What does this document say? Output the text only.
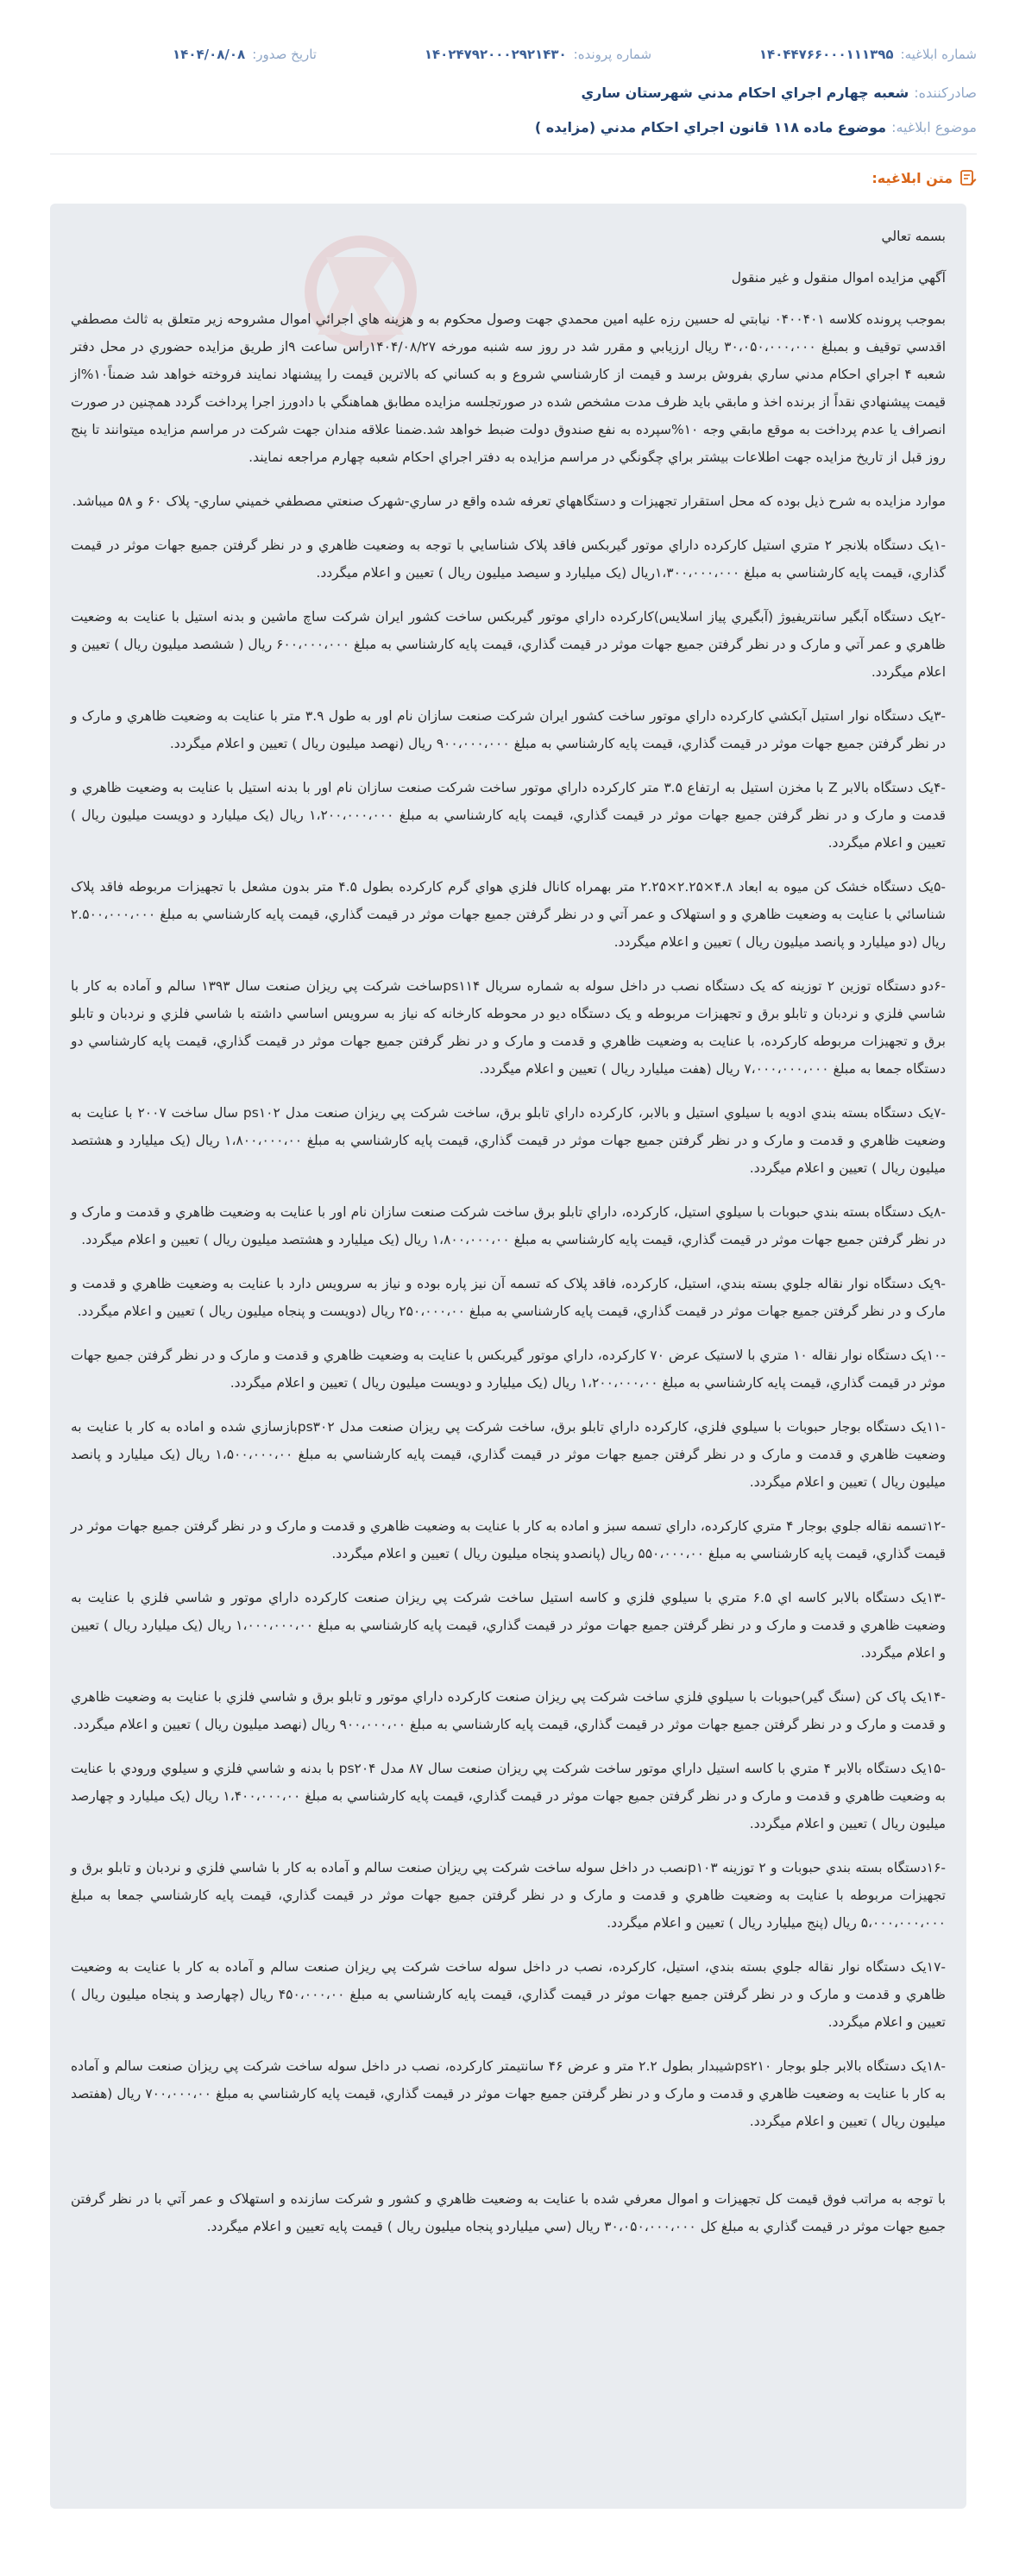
شماره ابلاغيه:
۱۴۰۴۴۷۶۶۰۰۰۱۱۱۳۹۵
شماره پرونده:
۱۴۰۲۴۷۹۲۰۰۰۲۹۲۱۴۳۰
تاريخ صدور:
۱۴۰۴/۰۸/۰۸
صادرکننده:
شعبه چهارم اجراي احکام مدني شهرستان ساري
موضوع ابلاغيه:
موضوع ماده ۱۱۸ قانون اجراي احکام مدني (مزايده )
متن ابلاغيه:

بسمه تعالي

آگهي مزايده اموال منقول و غير منقول

بموجب پرونده کلاسه ۰۴۰۰۴۰۱ نيابتي له حسين رزه عليه امين محمدي جهت وصول محکوم‌ به و هزينه هاي اجرائي اموال مشروحه زير متعلق به ثالث مصطفي اقدسي توقيف و بمبلغ ۳۰،۰۵۰،۰۰۰،۰۰۰ ريال ارزيابي و مقرر شد در روز سه شنبه مورخه ۱۴۰۴/۰۸/۲۷راس ساعت ۹از طريق مزايده حضوري در محل دفتر شعبه ۴ اجراي احکام مدني ساري بفروش برسد و قيمت از کارشناسي شروع و به کساني که بالاترين قيمت را پيشنهاد نمايند فروخته خواهد شد ضمناً۱۰%از قيمت پيشنهادي نقداً از برنده اخذ و مابقي بايد ظرف مدت مشخص شده در صورتجلسه مزايده مطابق هماهنگي با دادورز اجرا پرداخت گردد همچنين در صورت انصراف يا عدم پرداخت به موقع مابقي وجه ۱۰%سپرده به نفع صندوق دولت ضبط خواهد شد.ضمنا علاقه مندان جهت شرکت در مراسم مزايده ميتوانند تا پنج روز قبل از تاريخ مزايده جهت اطلاعات بيشتر براي چگونگي در مراسم مزايده به دفتر اجراي احکام شعبه چهارم مراجعه نمايند.

موارد مزايده به شرح ذيل بوده که محل استقرار تجهيزات و دستگاههاي تعرفه شده واقع در ساري-شهرک صنعتي مصطفي خميني ساري- پلاک ۶۰ و ۵۸ ميباشد.

-۱يک دستگاه بلانجر ۲ متري استيل کارکرده داراي موتور گيربکس فاقد پلاک شناسايي با توجه به وضعيت ظاهري و در نظر گرفتن جميع جهات موثر در قيمت گذاري، قيمت پايه کارشناسي به مبلغ ۱،۳۰۰،۰۰۰،۰۰۰ريال (يک ميليارد و سيصد ميليون ريال ) تعيين و اعلام ميگردد.

-۲يک دستگاه آبگير سانتريفيوژ (آبگيري پياز اسلايس)کارکرده داراي موتور گيربکس ساخت کشور ايران شرکت ساچ ماشين و بدنه استيل با عنايت به وضعيت ظاهري و عمر آتي و مارک و در نظر گرفتن جميع جهات موثر در قيمت گذاري، قيمت پايه کارشناسي به مبلغ ۶۰۰،۰۰۰،۰۰۰ ريال ( ششصد ميليون ريال ) تعيين و اعلام ميگردد.

-۳يک دستگاه نوار استيل آبکشي کارکرده داراي موتور ساخت کشور ايران شرکت صنعت سازان نام اور به طول ۳.۹ متر با عنايت به وضعيت ظاهري و مارک و در نظر گرفتن جميع جهات موثر در قيمت گذاري، قيمت پايه کارشناسي به مبلغ ۹۰۰،۰۰۰،۰۰۰ ريال (نهصد ميليون ريال ) تعيين و اعلام ميگردد.

-۴يک دستگاه بالابر Z با مخزن استيل به ارتفاع ۳.۵ متر کارکرده داراي موتور ساخت شرکت صنعت سازان نام اور با بدنه استيل با عنايت به وضعيت ظاهري و قدمت و مارک و در نظر گرفتن جميع جهات موثر در قيمت گذاري، قيمت پايه کارشناسي به مبلغ ۱،۲۰۰،۰۰۰،۰۰۰ ريال (يک ميليارد و دويست ميليون ريال ) تعيين و اعلام ميگردد.

-۵يک دستگاه خشک کن ميوه به ابعاد ۴.۸×۲.۲۵×۲.۲۵ متر بهمراه کانال فلزي هواي گرم کارکرده بطول ۴.۵ متر بدون مشعل با تجهيزات مربوطه فاقد پلاک شناسائي با عنايت به وضعيت ظاهري و و استهلاک و عمر آتي و در نظر گرفتن جميع جهات موثر در قيمت گذاري، قيمت پايه کارشناسي به مبلغ ۲.۵۰۰،۰۰۰،۰۰۰ ريال (دو ميليارد و پانصد ميليون ريال ) تعيين و اعلام ميگردد.

-۶دو دستگاه توزين ۲ توزينه که يک دستگاه نصب در داخل سوله به شماره سريال ps۱۱۴ساخت شرکت پي ريزان صنعت سال ۱۳۹۳ سالم و آماده به کار با شاسي فلزي و نردبان و تابلو برق و تجهيزات مربوطه و يک دستگاه ديو در محوطه کارخانه که نياز به سرويس اساسي داشته با شاسي فلزي و نردبان و تابلو برق و تجهيزات مربوطه کارکرده، با عنايت به وضعيت ظاهري و قدمت و مارک و در نظر گرفتن جميع جهات موثر در قيمت گذاري، قيمت پايه کارشناسي دو دستگاه جمعا به مبلغ ۷،۰۰۰،۰۰۰،۰۰۰ ريال (هفت ميليارد ريال ) تعيين و اعلام ميگردد.

-۷يک دستگاه بسته بندي ادويه با سيلوي استيل و بالابر، کارکرده داراي تابلو برق، ساخت شرکت پي ريزان صنعت مدل ps۱۰۲ سال ساخت ۲۰۰۷ با عنايت به وضعيت ظاهري و قدمت و مارک و در نظر گرفتن جميع جهات موثر در قيمت گذاري، قيمت پايه کارشناسي به مبلغ ۱،۸۰۰،۰۰۰،۰۰ ريال (يک ميليارد و هشتصد ميليون ريال ) تعيين و اعلام ميگردد.

-۸يک دستگاه بسته بندي حبوبات با سيلوي استيل، کارکرده، داراي تابلو برق ساخت شرکت صنعت سازان نام اور با عنايت به وضعيت ظاهري و قدمت و مارک و در نظر گرفتن جميع جهات موثر در قيمت گذاري، قيمت پايه کارشناسي به مبلغ ۱،۸۰۰،۰۰۰،۰۰ ريال (يک ميليارد و هشتصد ميليون ريال ) تعيين و اعلام ميگردد.

-۹يک دستگاه نوار نقاله جلوي بسته بندي، استيل، کارکرده، فاقد پلاک که تسمه آن نيز پاره بوده و نياز به سرويس دارد با عنايت به وضعيت ظاهري و قدمت و مارک و در نظر گرفتن جميع جهات موثر در قيمت گذاري، قيمت پايه کارشناسي به مبلغ ۲۵۰،۰۰۰،۰۰ ريال (دويست و پنجاه ميليون ريال ) تعيين و اعلام ميگردد.

-۱۰يک دستگاه نوار نقاله ۱۰ متري با لاستيک عرض ۷۰ کارکرده، داراي موتور گيربکس با عنايت به وضعيت ظاهري و قدمت و مارک و در نظر گرفتن جميع جهات موثر در قيمت گذاري، قيمت پايه کارشناسي به مبلغ ۱،۲۰۰،۰۰۰،۰۰ ريال (يک ميليارد و دويست ميليون ريال ) تعيين و اعلام ميگردد.

-۱۱يک دستگاه بوجار حبوبات با سيلوي فلزي، کارکرده داراي تابلو برق، ساخت شرکت پي ريزان صنعت مدل ps۳۰۲بازسازي شده و اماده به کار با عنايت به وضعيت ظاهري و قدمت و مارک و در نظر گرفتن جميع جهات موثر در قيمت گذاري، قيمت پايه کارشناسي به مبلغ ۱،۵۰۰،۰۰۰،۰۰ ريال (يک ميليارد و پانصد ميليون ريال ) تعيين و اعلام ميگردد.

-۱۲تسمه نقاله جلوي بوجار ۴ متري کارکرده، داراي تسمه سبز و اماده به کار با عنايت به وضعيت ظاهري و قدمت و مارک و در نظر گرفتن جميع جهات موثر در قيمت گذاري، قيمت پايه کارشناسي به مبلغ ۵۵۰،۰۰۰،۰۰ ريال (پانصدو پنجاه ميليون ريال ) تعيين و اعلام ميگردد.

-۱۳يک دستگاه بالابر کاسه اي ۶.۵ متري با سيلوي فلزي و کاسه استيل ساخت شرکت پي ريزان صنعت کارکرده داراي موتور و شاسي فلزي با عنايت به وضعيت ظاهري و قدمت و مارک و در نظر گرفتن جميع جهات موثر در قيمت گذاري، قيمت پايه کارشناسي به مبلغ ۱،۰۰۰،۰۰۰،۰۰ ريال (يک ميليارد ريال ) تعيين و اعلام ميگردد.

-۱۴يک پاک کن (سنگ گير)حبوبات با سيلوي فلزي ساخت شرکت پي ريزان صنعت کارکرده داراي موتور و تابلو برق و شاسي فلزي با عنايت به وضعيت ظاهري و قدمت و مارک و در نظر گرفتن جميع جهات موثر در قيمت گذاري، قيمت پايه کارشناسي به مبلغ ۹۰۰،۰۰۰،۰۰ ريال (نهصد ميليون ريال ) تعيين و اعلام ميگردد.

-۱۵يک دستگاه بالابر ۴ متري با کاسه استيل داراي موتور ساخت شرکت پي ريزان صنعت سال ۸۷ مدل ps۲۰۴ با بدنه و شاسي فلزي و سيلوي ورودي با عنايت به وضعيت ظاهري و قدمت و مارک و در نظر گرفتن جميع جهات موثر در قيمت گذاري، قيمت پايه کارشناسي به مبلغ ۱،۴۰۰،۰۰۰،۰۰ ريال (يک ميليارد و چهارصد ميليون ريال ) تعيين و اعلام ميگردد.

-۱۶دستگاه بسته بندي حبوبات و ۲ توزينه p۱۰۳نصب در داخل سوله ساخت شرکت پي ريزان صنعت سالم و آماده به کار با شاسي فلزي و نردبان و تابلو برق و تجهيزات مربوطه با عنايت به وضعيت ظاهري و قدمت و مارک و در نظر گرفتن جميع جهات موثر در قيمت گذاري، قيمت پايه کارشناسي جمعا به مبلغ ۵،۰۰۰،۰۰۰،۰۰۰ ريال (پنج ميليارد ريال ) تعيين و اعلام ميگردد.

-۱۷يک دستگاه نوار نقاله جلوي بسته بندي، استيل، کارکرده، نصب در داخل سوله ساخت شرکت پي ريزان صنعت سالم و آماده به کار با عنايت به وضعيت ظاهري و قدمت و مارک و در نظر گرفتن جميع جهات موثر در قيمت گذاري، قيمت پايه کارشناسي به مبلغ ۴۵۰،۰۰۰،۰۰ ريال (چهارصد و پنجاه ميليون ريال ) تعيين و اعلام ميگردد.

-۱۸يک دستگاه بالابر جلو بوجار ps۲۱۰شيبدار بطول ۲.۲ متر و عرض ۴۶ سانتيمتر کارکرده، نصب در داخل سوله ساخت شرکت پي ريزان صنعت سالم و آماده به کار با عنايت به وضعيت ظاهري و قدمت و مارک و در نظر گرفتن جميع جهات موثر در قيمت گذاري، قيمت پايه کارشناسي به مبلغ ۷۰۰،۰۰۰،۰۰ ريال (هفتصد ميليون ريال ) تعيين و اعلام ميگردد.

با توجه به مراتب فوق قيمت کل تجهيزات و اموال معرفي شده با عنايت به وضعيت ظاهري و کشور و شرکت سازنده و استهلاک و عمر آتي با در نظر گرفتن جميع جهات موثر در قيمت گذاري به مبلغ کل ۳۰،۰۵۰،۰۰۰،۰۰۰ ريال (سي ميلياردو پنجاه ميليون ريال ) قيمت پايه تعيين و اعلام ميگردد.
